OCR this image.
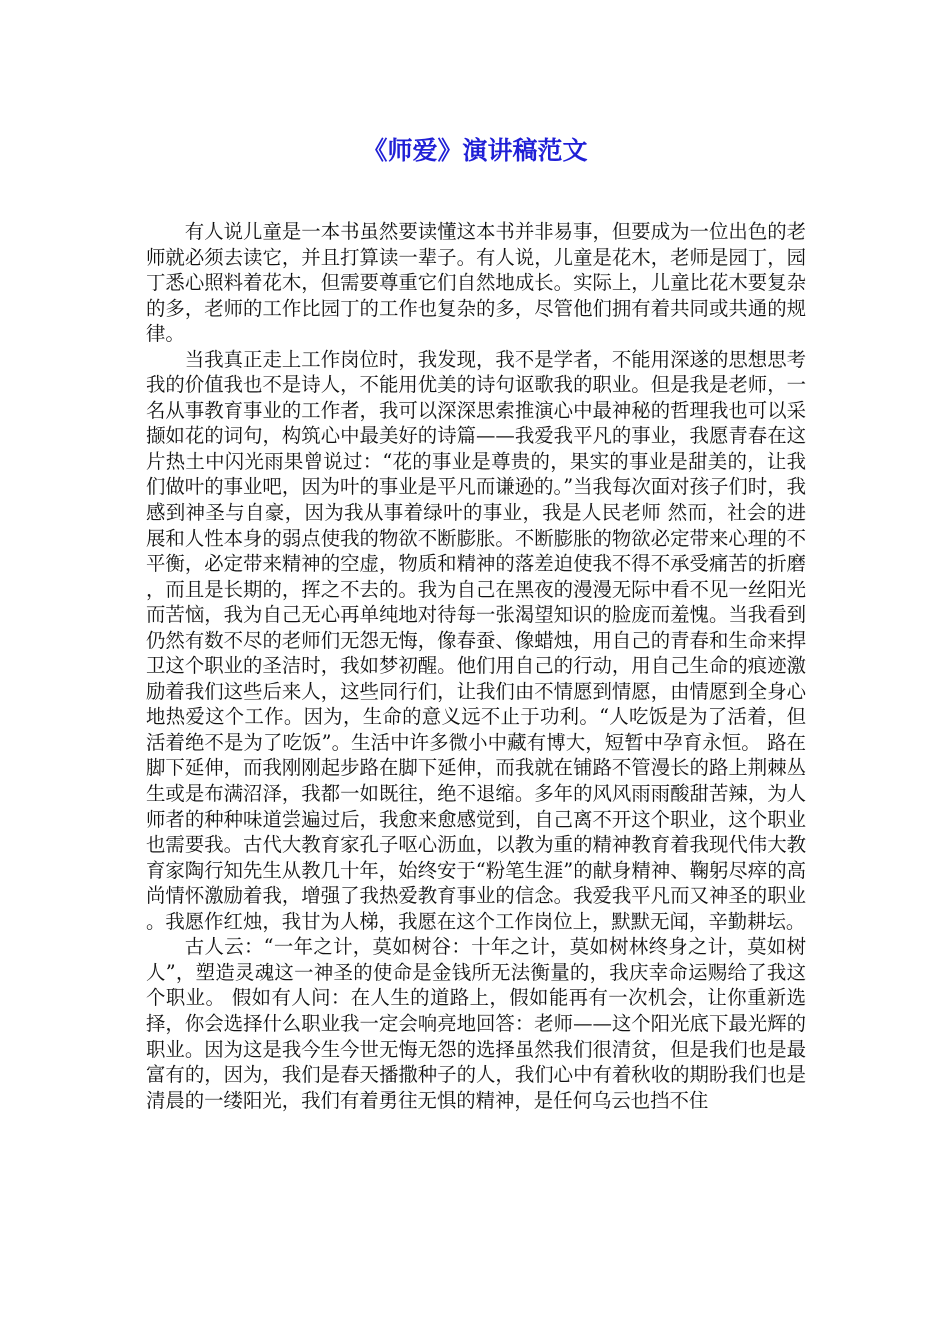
《师爱》演讲稿范文

有人说儿童是一本书虽然要读懂这本书并非易事，但要成为一位出色的老师就必须去读它，并且打算读一辈子。有人说，儿童是花木，老师是园丁，园丁悉心照料着花木，但需要尊重它们自然地成长。实际上，儿童比花木要复杂的多，老师的工作比园丁的工作也复杂的多，尽管他们拥有着共同或共通的规律。

当我真正走上工作岗位时，我发现，我不是学者，不能用深遂的思想思考我的价值我也不是诗人，不能用优美的诗句讴歌我的职业。但是我是老师，一名从事教育事业的工作者，我可以深深思索推演心中最神秘的哲理我也可以采撷如花的词句，构筑心中最美好的诗篇——我爱我平凡的事业，我愿青春在这片热土中闪光雨果曾说过：“花的事业是尊贵的，果实的事业是甜美的，让我们做叶的事业吧，因为叶的事业是平凡而谦逊的。”当我每次面对孩子们时，我感到神圣与自豪，因为我从事着绿叶的事业，我是人民老师 然而，社会的进展和人性本身的弱点使我的物欲不断膨胀。不断膨胀的物欲必定带来心理的不平衡，必定带来精神的空虚，物质和精神的落差迫使我不得不承受痛苦的折磨，而且是长期的，挥之不去的。我为自己在黑夜的漫漫无际中看不见一丝阳光而苦恼，我为自己无心再单纯地对待每一张渴望知识的脸庞而羞愧。当我看到仍然有数不尽的老师们无怨无悔，像春蚕、像蜡烛，用自己的青春和生命来捍卫这个职业的圣洁时，我如梦初醒。他们用自己的行动，用自己生命的痕迹激励着我们这些后来人，这些同行们，让我们由不情愿到情愿，由情愿到全身心地热爱这个工作。因为，生命的意义远不止于功利。“人吃饭是为了活着，但活着绝不是为了吃饭”。生活中许多微小中藏有博大，短暂中孕育永恒。 路在脚下延伸，而我刚刚起步路在脚下延伸，而我就在铺路不管漫长的路上荆棘丛生或是布满沼泽，我都一如既往，绝不退缩。多年的风风雨雨酸甜苦辣，为人师者的种种味道尝遍过后，我愈来愈感觉到，自己离不开这个职业，这个职业也需要我。古代大教育家孔子呕心沥血，以教为重的精神教育着我现代伟大教育家陶行知先生从教几十年，始终安于“粉笔生涯”的献身精神、鞠躬尽瘁的高尚情怀激励着我，增强了我热爱教育事业的信念。我爱我平凡而又神圣的职业。我愿作红烛，我甘为人梯，我愿在这个工作岗位上，默默无闻，辛勤耕坛。

古人云：“一年之计，莫如树谷：十年之计，莫如树林终身之计，莫如树人”，塑造灵魂这一神圣的使命是金钱所无法衡量的，我庆幸命运赐给了我这个职业。 假如有人问：在人生的道路上，假如能再有一次机会，让你重新选择，你会选择什么职业我一定会响亮地回答：老师——这个阳光底下最光辉的职业。因为这是我今生今世无悔无怨的选择虽然我们很清贫，但是我们也是最富有的，因为，我们是春天播撒种子的人，我们心中有着秋收的期盼我们也是清晨的一缕阳光，我们有着勇往无惧的精神，是任何乌云也挡不住
